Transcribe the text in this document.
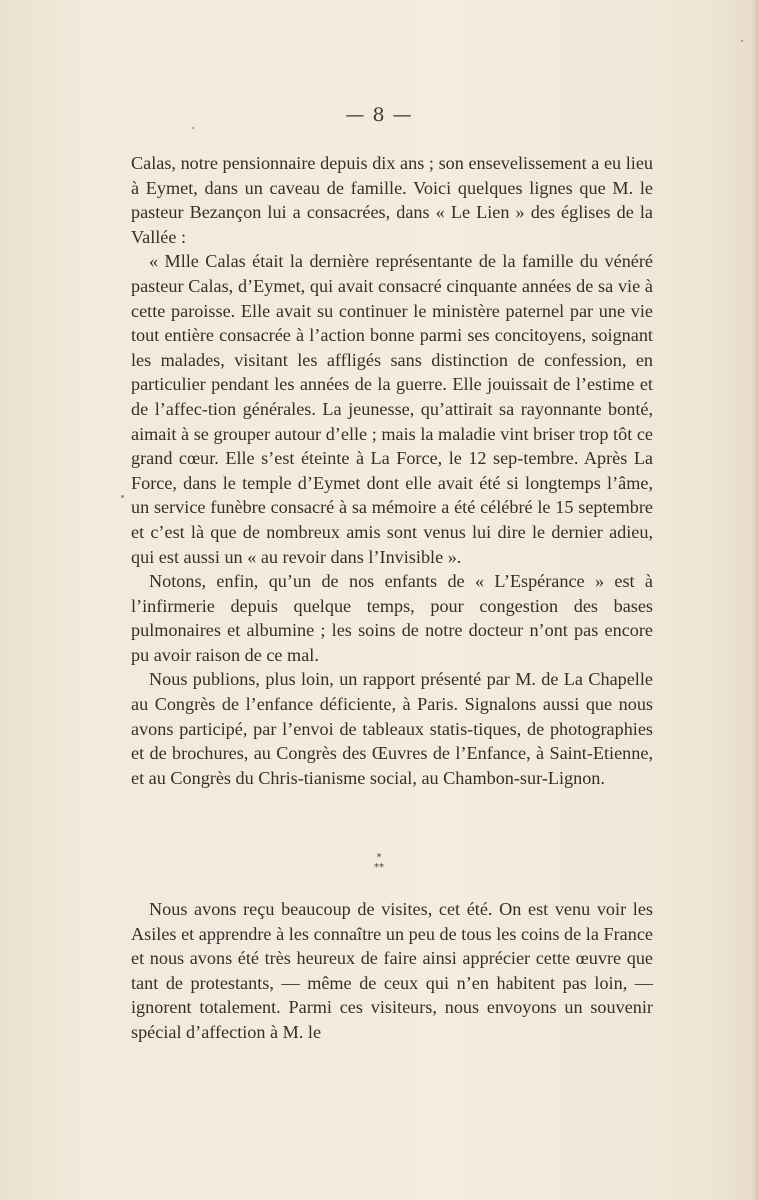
— 8 —

Calas, notre pensionnaire depuis dix ans ; son ensevelissement a eu lieu à Eymet, dans un caveau de famille. Voici quelques lignes que M. le pasteur Bezançon lui a consacrées, dans « Le Lien » des églises de la Vallée :

« Mlle Calas était la dernière représentante de la famille du vénéré pasteur Calas, d’Eymet, qui avait consacré cinquante années de sa vie à cette paroisse. Elle avait su continuer le ministère paternel par une vie tout entière consacrée à l’action bonne parmi ses concitoyens, soignant les malades, visitant les affligés sans distinction de confession, en particulier pendant les années de la guerre. Elle jouissait de l’estime et de l’affec-tion générales. La jeunesse, qu’attirait sa rayonnante bonté, aimait à se grouper autour d’elle ; mais la maladie vint briser trop tôt ce grand cœur. Elle s’est éteinte à La Force, le 12 sep-tembre. Après La Force, dans le temple d’Eymet dont elle avait été si longtemps l’âme, un service funèbre consacré à sa mémoire a été célébré le 15 septembre et c’est là que de nombreux amis sont venus lui dire le dernier adieu, qui est aussi un « au revoir dans l’Invisible ».

Notons, enfin, qu’un de nos enfants de « L’Espérance » est à l’infirmerie depuis quelque temps, pour congestion des bases pulmonaires et albumine ; les soins de notre docteur n’ont pas encore pu avoir raison de ce mal.

Nous publions, plus loin, un rapport présenté par M. de La Chapelle au Congrès de l’enfance déficiente, à Paris. Signalons aussi que nous avons participé, par l’envoi de tableaux statis-tiques, de photographies et de brochures, au Congrès des Œuvres de l’Enfance, à Saint-Etienne, et au Congrès du Chris-tianisme social, au Chambon-sur-Lignon.

*
**

Nous avons reçu beaucoup de visites, cet été. On est venu voir les Asiles et apprendre à les connaître un peu de tous les coins de la France et nous avons été très heureux de faire ainsi apprécier cette œuvre que tant de protestants, — même de ceux qui n’en habitent pas loin, — ignorent totalement. Parmi ces visiteurs, nous envoyons un souvenir spécial d’affection à M. le
